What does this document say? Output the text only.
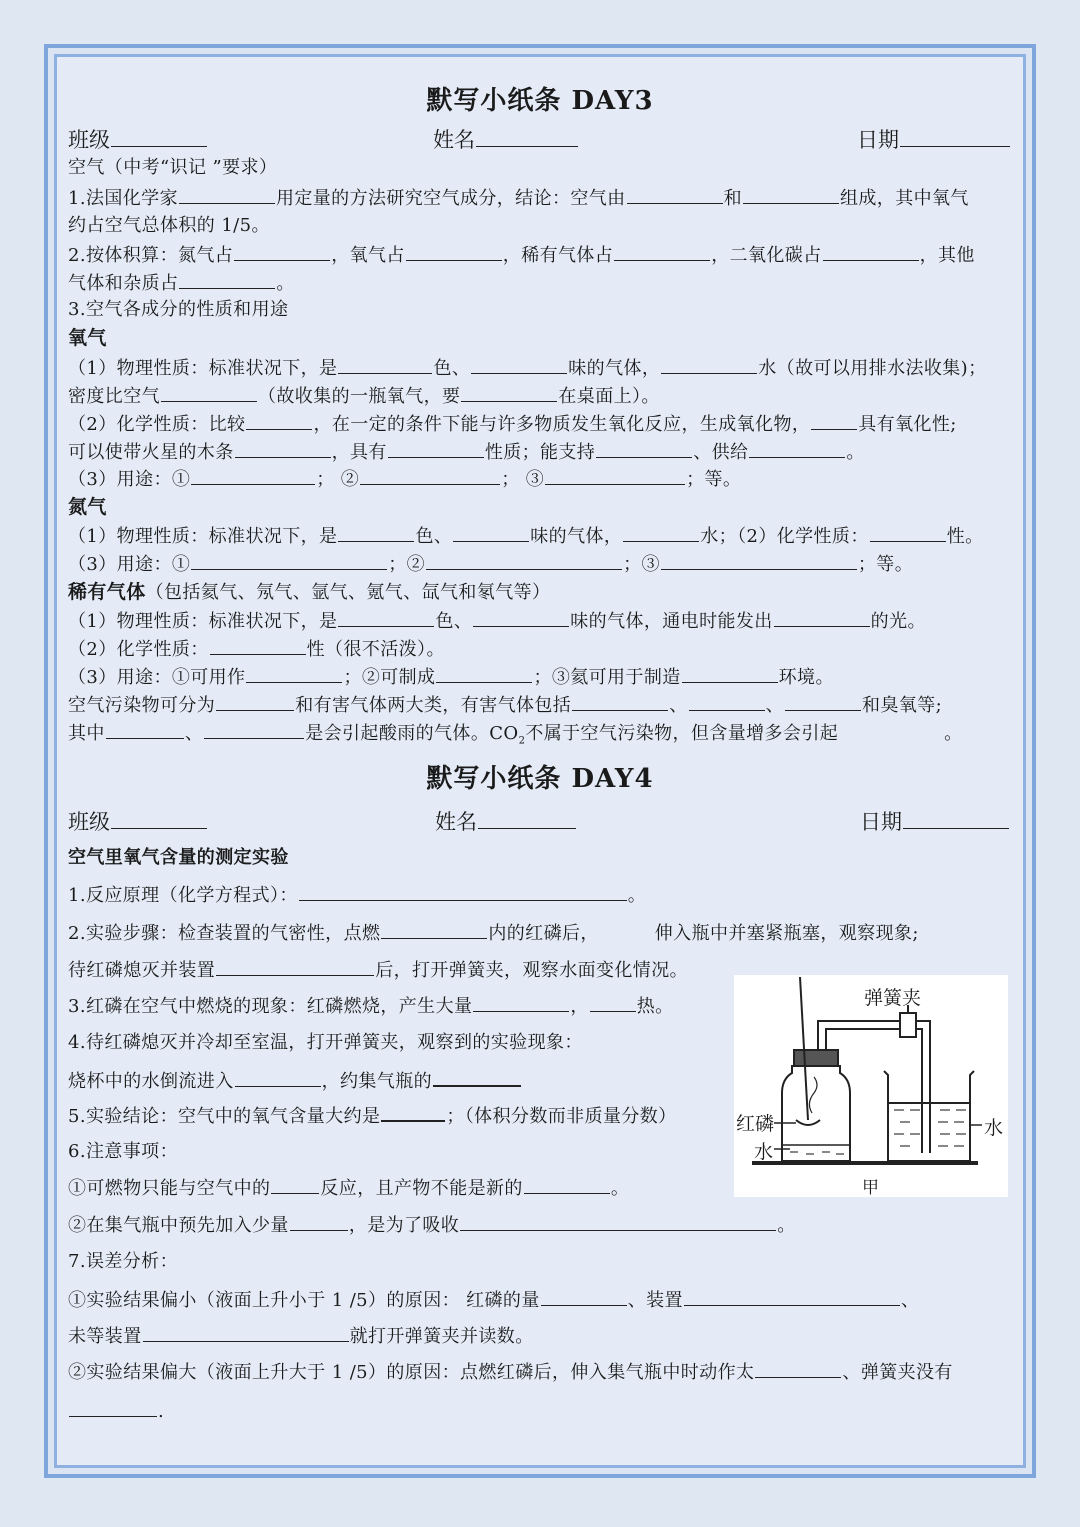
默写小纸条 DAY3
班级	姓名	日期
空气（中考“识记 ”要求）
1.法国化学家	用定量的方法研究空气成分，结论：空气由	和	组成，其中氧气
约占空气总体积的 1/5。
2.按体积算：氮气占	，氧气占	，稀有气体占	，二氧化碳占	，其他
气体和杂质占	。
3.空气各成分的性质和用途
氧气
（1）物理性质：标准状况下，是	色、	味的气体，	水（故可以用排水法收集)；
密度比空气	（故收集的一瓶氧气，要	在桌面上）。
（2）化学性质：比较	，在一定的条件下能与许多物质发生氧化反应，生成氧化物，	具有氧化性;
可以使带火星的木条	，具有	性质；能支持	、供给	。
（3）用途：①	； ②	； ③	；等。
氮气
（1）物理性质：标准状况下，是	色、	味的气体，	水；（2）化学性质：	性。
（3）用途：①	；②	；③	；等。
稀有气体（包括氦气、氖气、氩气、氪气、氙气和氡气等）
（1）物理性质：标准状况下，是	色、	味的气体，通电时能发出	的光。
（2）化学性质：	性（很不活泼）。
（3）用途：①可用作	；②可制成	；③氦可用于制造	环境。
空气污染物可分为	和有害气体两大类，有害气体包括	、	、	和臭氧等;
其中	、	是会引起酸雨的气体。$CO_2$不属于空气污染物，但含量增多会引起	。
默写小纸条 DAY4
班级	姓名	日期
空气里氧气含量的测定实验
1.反应原理（化学方程式）：	。
2.实验步骤：检查装置的气密性，点燃	内的红磷后，	伸入瓶中并塞紧瓶塞，观察现象;
待红磷熄灭并装置	后，打开弹簧夹，观察水面变化情况。
3.红磷在空气中燃烧的现象：红磷燃烧，产生大量	，	热。
4.待红磷熄灭并冷却至室温，打开弹簧夹，观察到的实验现象：
烧杯中的水倒流进入	，约集气瓶的
5.实验结论：空气中的氧气含量大约是	；（体积分数而非质量分数）
6.注意事项：
①可燃物只能与空气中的	反应，且产物不能是新的	。
②在集气瓶中预先加入少量	，是为了吸收	。
7.误差分析：
①实验结果偏小（液面上升小于 1 /5）的原因： 红磷的量	、装置	、
未等装置	就打开弹簧夹并读数。
②实验结果偏大（液面上升大于 1 /5）的原因：点燃红磷后，伸入集气瓶中时动作太	、弹簧夹没有
.
弹簧夹
红磷
水
水
甲
